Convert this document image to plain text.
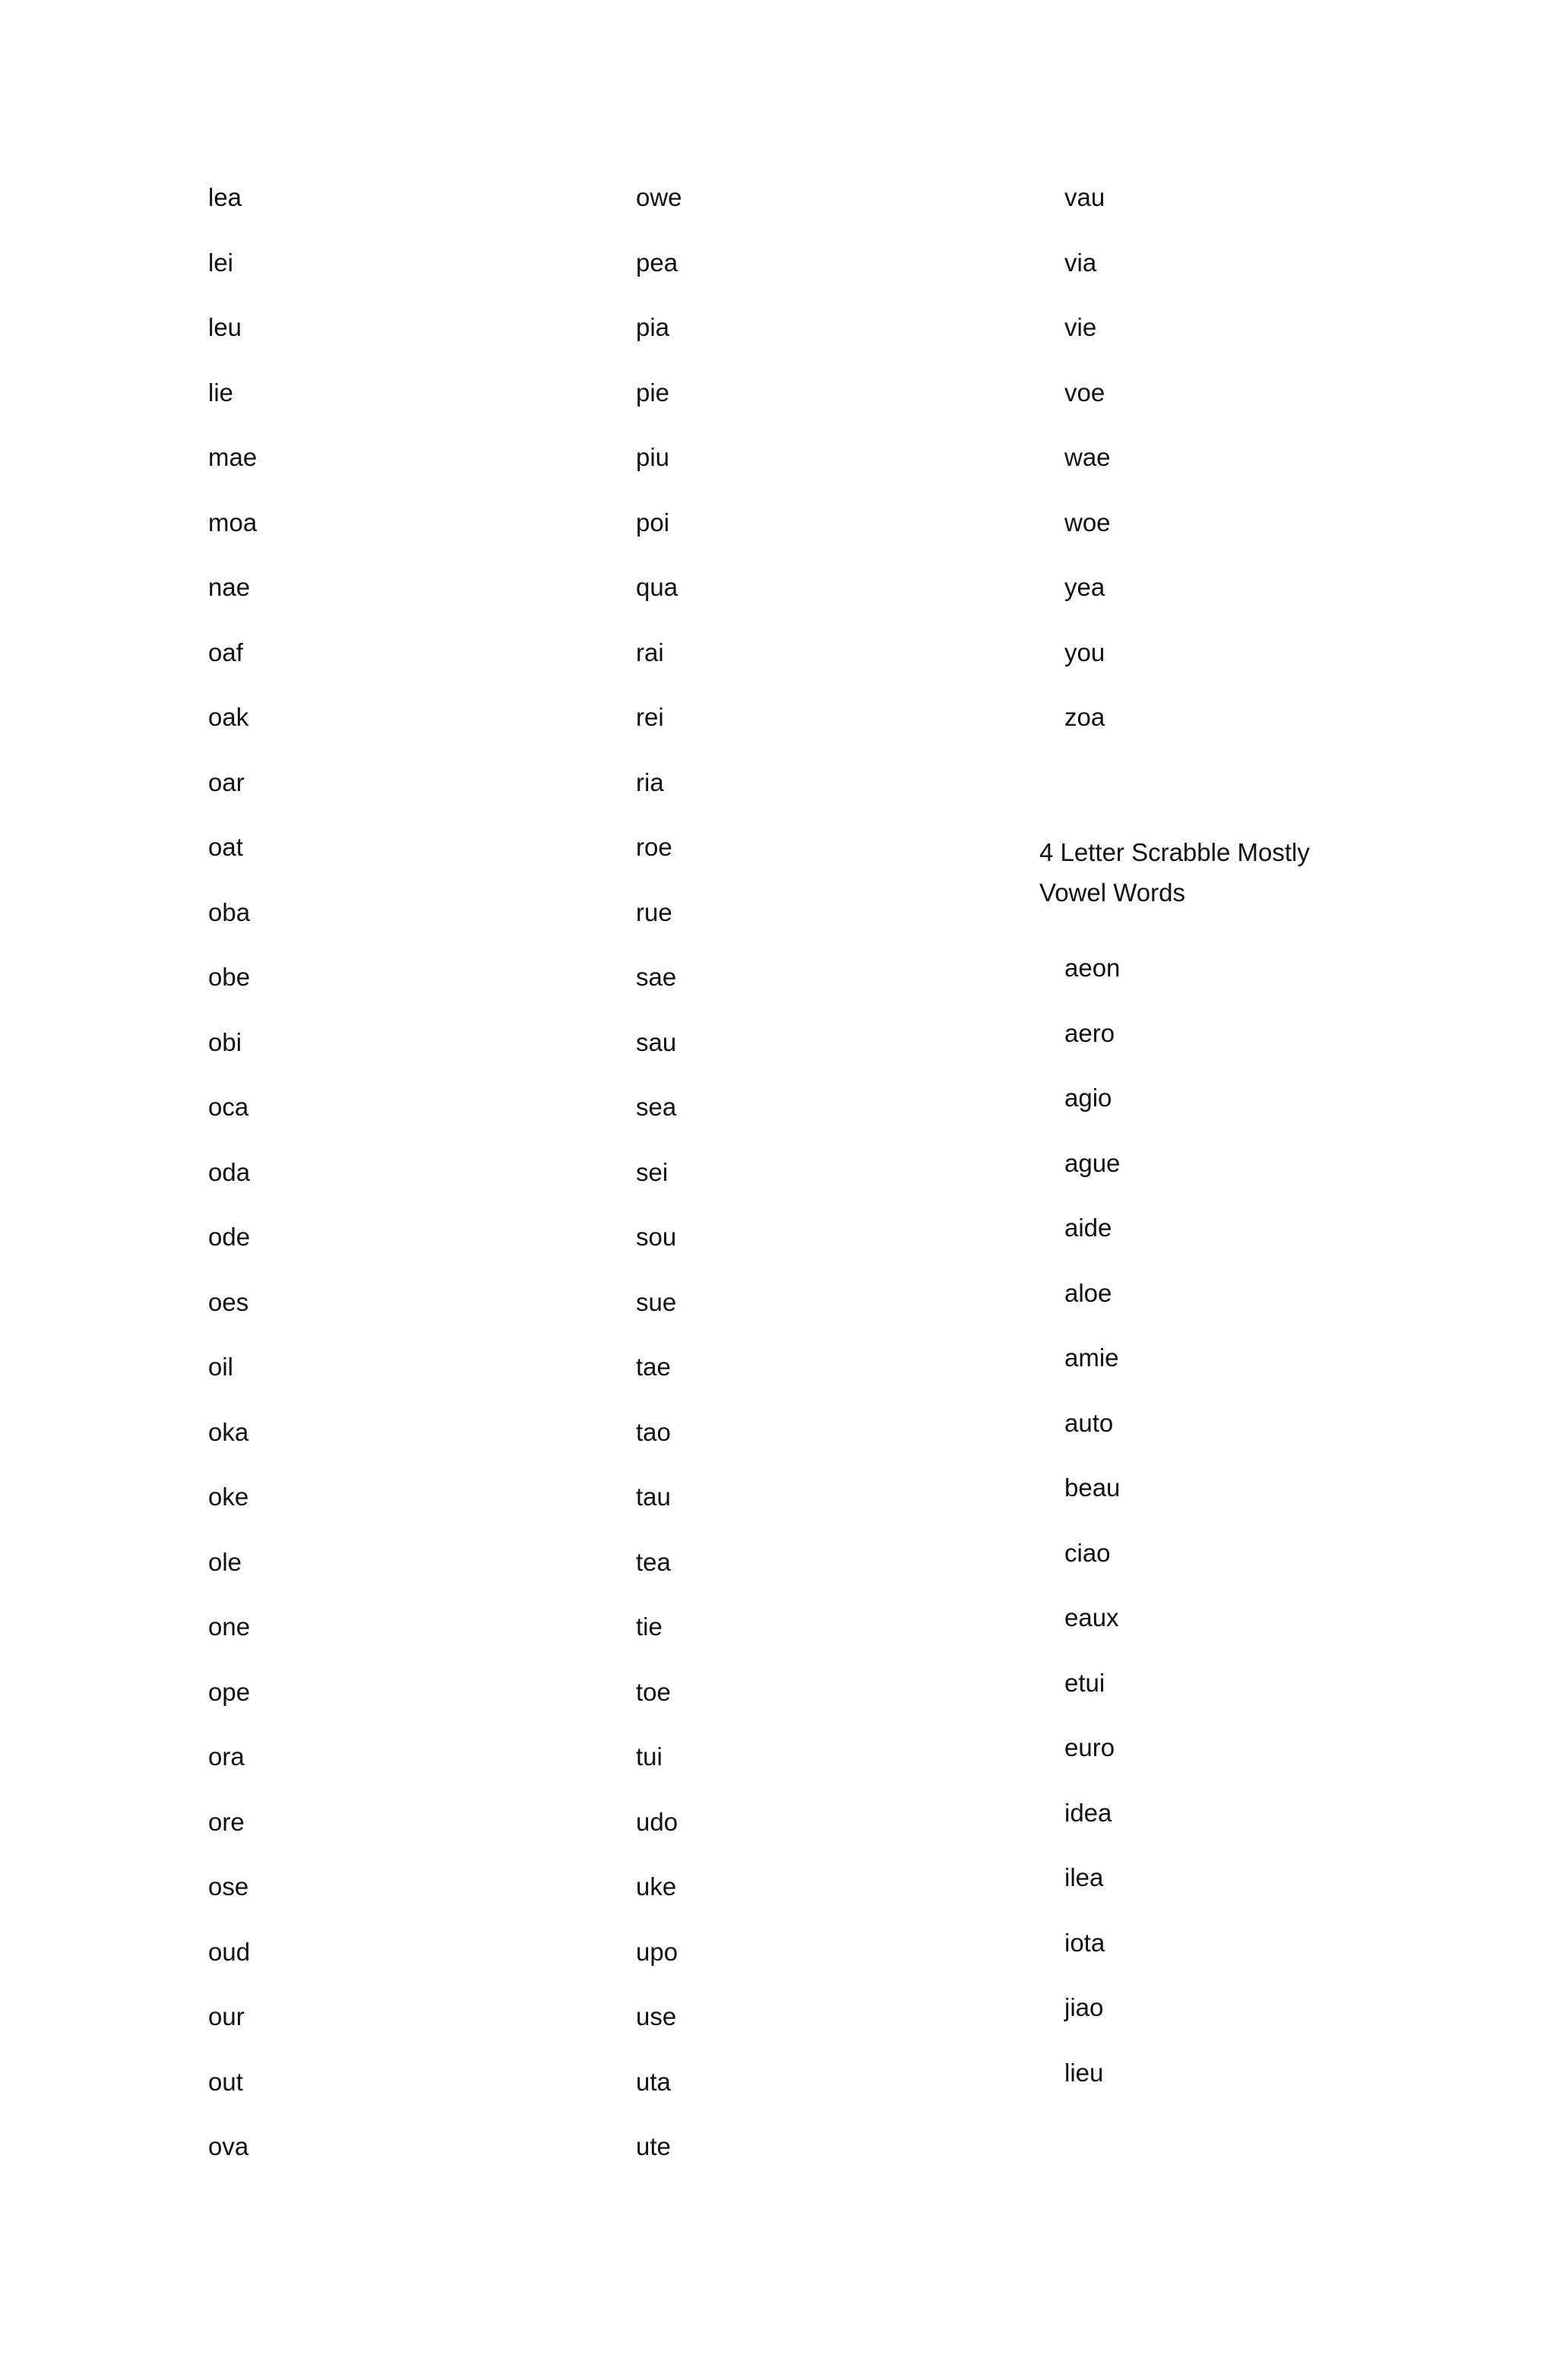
lea
lei
leu
lie
mae
moa
nae
oaf
oak
oar
oat
oba
obe
obi
oca
oda
ode
oes
oil
oka
oke
ole
one
ope
ora
ore
ose
oud
our
out
ova
owe
pea
pia
pie
piu
poi
qua
rai
rei
ria
roe
rue
sae
sau
sea
sei
sou
sue
tae
tao
tau
tea
tie
toe
tui
udo
uke
upo
use
uta
ute
vau
via
vie
voe
wae
woe
yea
you
zoa
4 Letter Scrabble Mostly Vowel Words
aeon
aero
agio
ague
aide
aloe
amie
auto
beau
ciao
eaux
etui
euro
idea
ilea
iota
jiao
lieu
